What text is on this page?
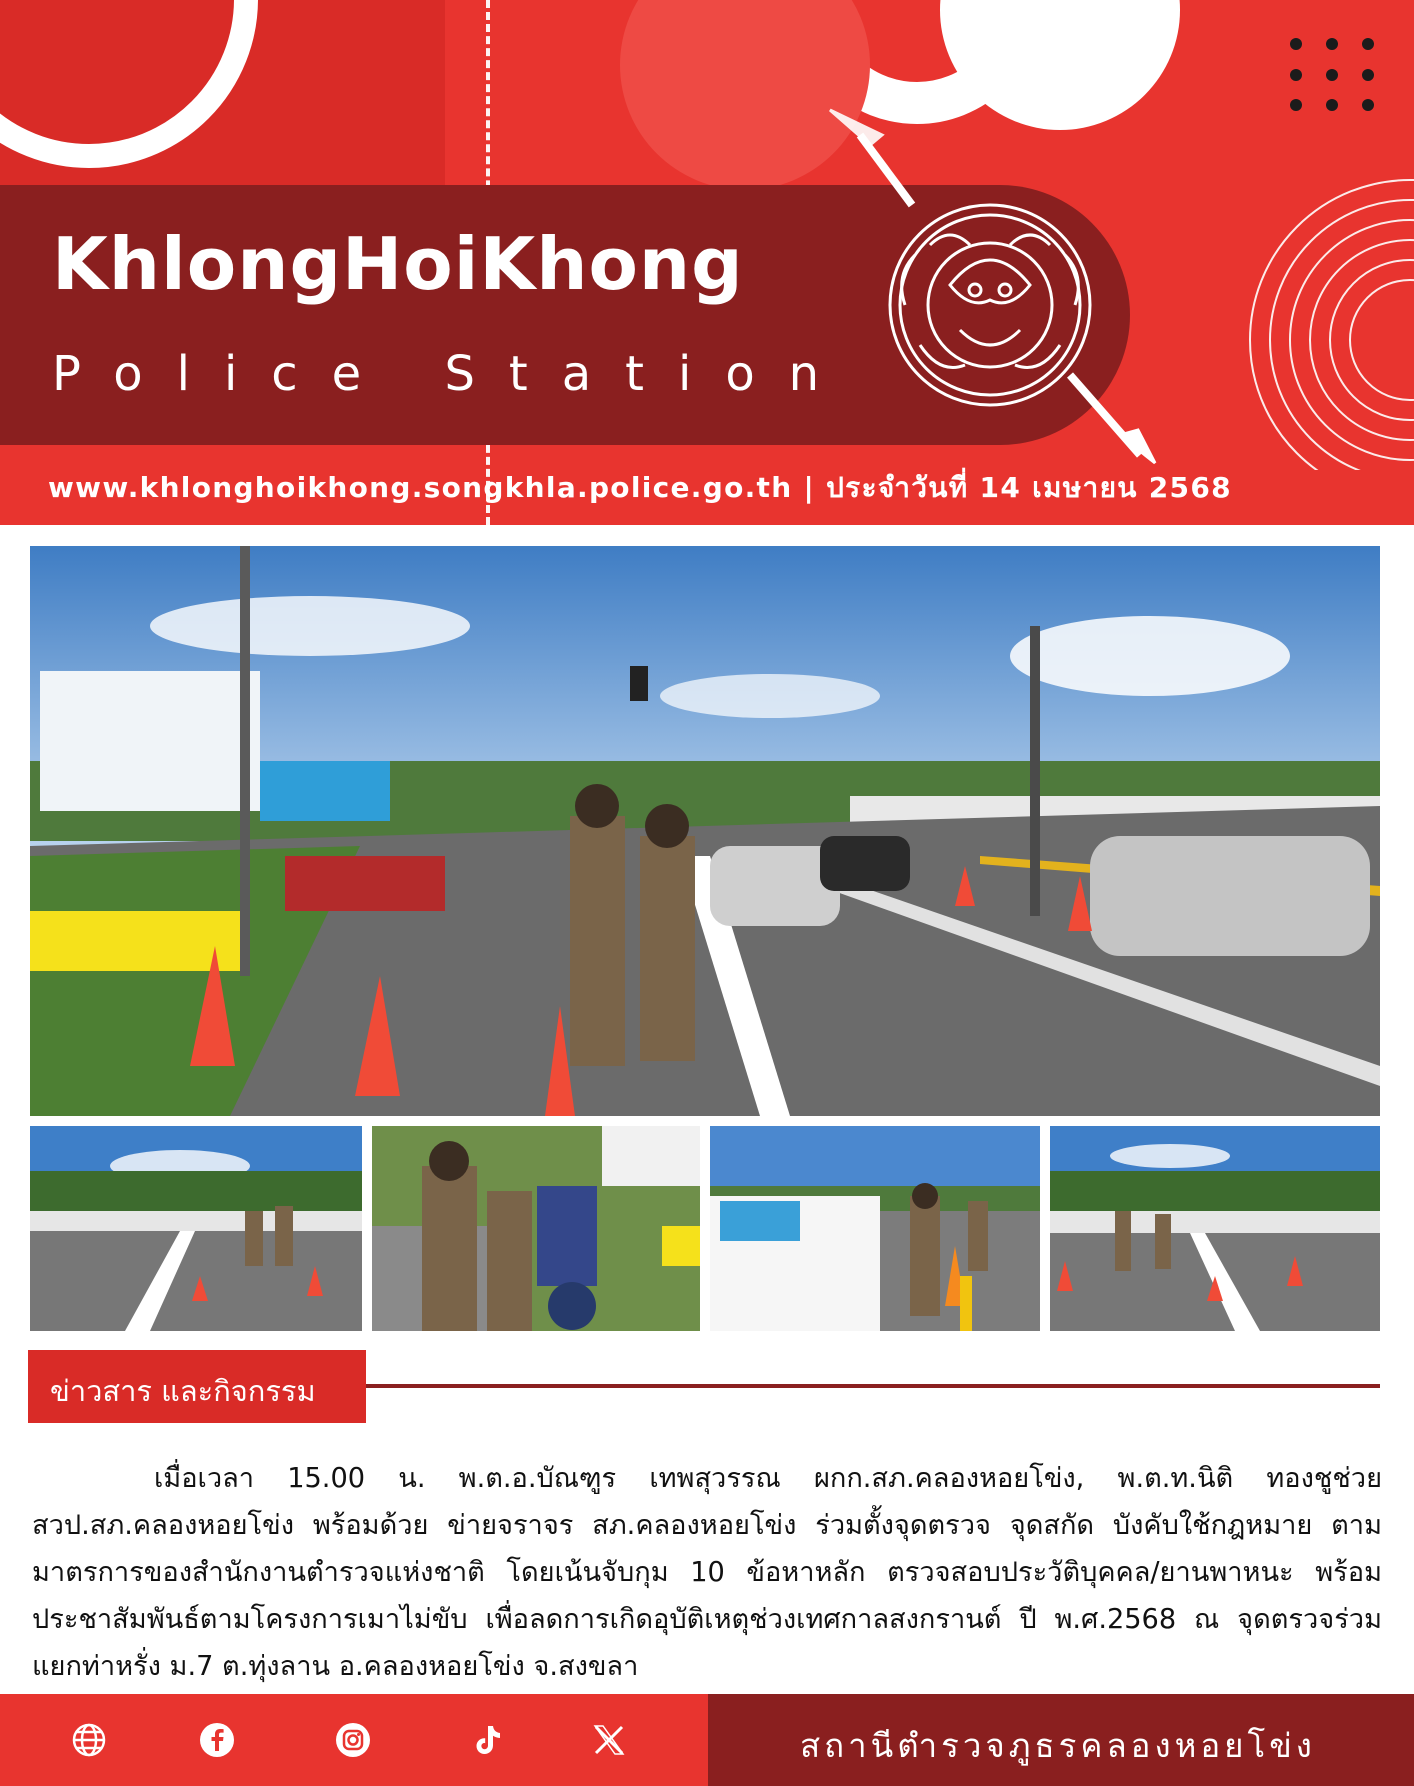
KhlongHoiKhong
Police Station
www.khlonghoikhong.songkhla.police.go.th | ประจำวันที่ 14 เมษายน 2568
ข่าวสาร และกิจกรรม
เมื่อเวลา 15.00 น. พ.ต.อ.บัณฑูร เทพสุวรรณ ผกก.สภ.คลองหอยโข่ง, พ.ต.ท.นิติ ทองชูช่วย สวป.สภ.คลองหอยโข่ง พร้อมด้วย ข่ายจราจร สภ.คลองหอยโข่ง ร่วมตั้งจุดตรวจ จุดสกัด บังคับใช้กฎหมาย ตามมาตรการของสำนักงานตำรวจแห่งชาติ โดยเน้นจับกุม 10 ข้อหาหลัก ตรวจสอบประวัติบุคคล/ยานพาหนะ พร้อมประชาสัมพันธ์ตามโครงการเมาไม่ขับ เพื่อลดการเกิดอุบัติเหตุช่วงเทศกาลสงกรานต์ ปี พ.ศ.2568 ณ จุดตรวจร่วมแยกท่าหรั่ง ม.7 ต.ทุ่งลาน อ.คลองหอยโข่ง จ.สงขลา
สถานีตำรวจภูธรคลองหอยโข่ง
